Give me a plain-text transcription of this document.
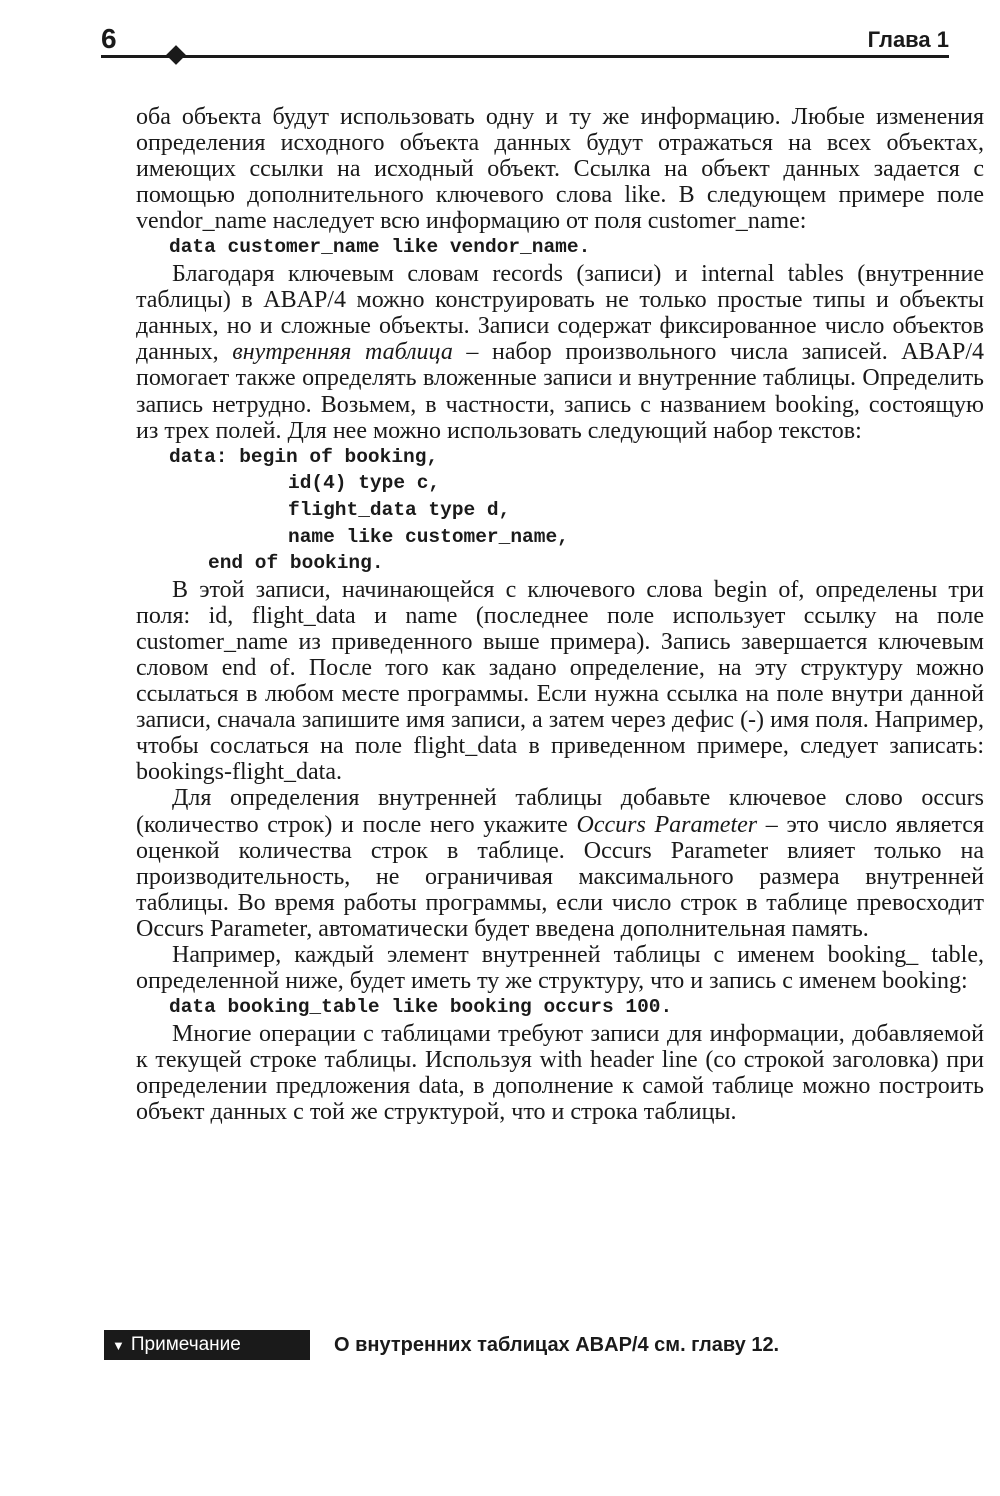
6	Глава 1

оба объекта будут использовать одну и ту же информацию. Любые изменения определения исходного объекта данных будут отражаться на всех объектах, имеющих ссылки на исходный объект. Ссылка на объект данных задается с помощью дополнительного ключевого слова like. В следующем примере поле vendor_name наследует всю информацию от поля customer_name:

data customer_name like vendor_name.

Благодаря ключевым словам records (записи) и internal tables (внутренние таблицы) в ABAP/4 можно конструировать не только простые типы и объекты данных, но и сложные объекты. Записи содержат фиксированное число объектов данных, внутренняя таблица – набор произвольного числа записей. ABAP/4 помогает также определять вложенные записи и внутренние таблицы. Определить запись нетрудно. Возьмем, в частности, запись с названием booking, состоящую из трех полей. Для нее можно использовать следующий набор текстов:

data: begin of booking,
id(4) type c,
flight_data type d,
name like customer_name,
end of booking.

В этой записи, начинающейся с ключевого слова begin of, определены три поля: id, flight_data и name (последнее поле использует ссылку на поле customer_name из приведенного выше примера). Запись завершается ключевым словом end of. После того как задано определение, на эту структуру можно ссылаться в любом месте программы. Если нужна ссылка на поле внутри данной записи, сначала запишите имя записи, а затем через дефис (-) имя поля. Например, чтобы сослаться на поле flight_data в приведенном примере, следует записать: bookings-flight_data.

Для определения внутренней таблицы добавьте ключевое слово occurs (количество строк) и после него укажите Occurs Parameter – это число является оценкой количества строк в таблице. Occurs Parameter влияет только на производительность, не ограничивая максимального размера внутренней таблицы. Во время работы программы, если число строк в таблице превосходит Occurs Parameter, автоматически будет введена дополнительная память.

Например, каждый элемент внутренней таблицы с именем booking_ table, определенной ниже, будет иметь ту же структуру, что и запись с именем booking:

data booking_table like booking occurs 100.

Многие операции с таблицами требуют записи для информации, добавляемой к текущей строке таблицы. Используя with header line (со строкой заголовка) при определении предложения data, в дополнение к самой таблице можно построить объект данных с той же структурой, что и строка таблицы.

▼ Примечание	О внутренних таблицах ABAP/4 см. главу 12.
